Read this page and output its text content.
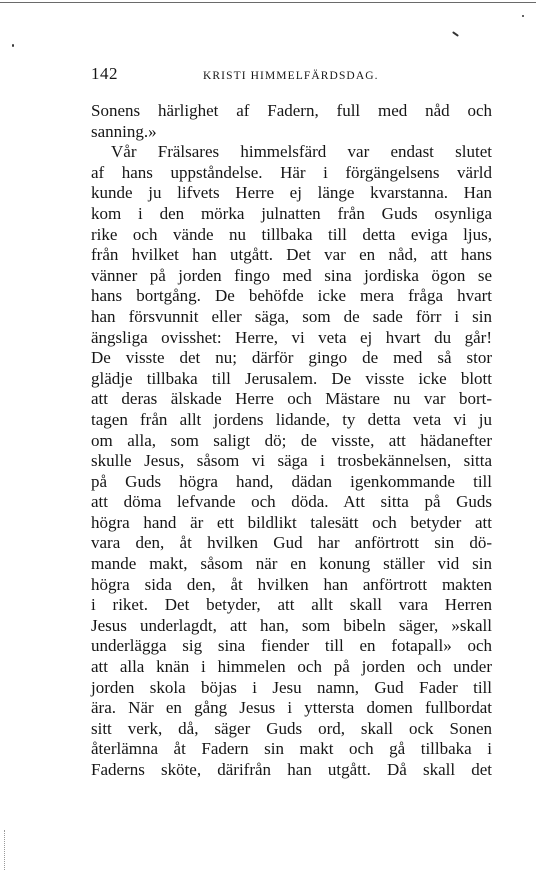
142	KRISTI HIMMELFÄRDSDAG.
Sonens härlighet af Fadern, full med nåd och
sanning.»
Vår Frälsares himmelsfärd var endast slutet
af hans uppståndelse. Här i förgängelsens värld
kunde ju lifvets Herre ej länge kvarstanna. Han
kom i den mörka julnatten från Guds osynliga
rike och vände nu tillbaka till detta eviga ljus,
från hvilket han utgått. Det var en nåd, att hans
vänner på jorden fingo med sina jordiska ögon se
hans bortgång. De behöfde icke mera fråga hvart
han försvunnit eller säga, som de sade förr i sin
ängsliga ovisshet: Herre, vi veta ej hvart du går!
De visste det nu; därför gingo de med så stor
glädje tillbaka till Jerusalem. De visste icke blott
att deras älskade Herre och Mästare nu var bort-
tagen från allt jordens lidande, ty detta veta vi ju
om alla, som saligt dö; de visste, att hädanefter
skulle Jesus, såsom vi säga i trosbekännelsen, sitta
på Guds högra hand, dädan igenkommande till
att döma lefvande och döda. Att sitta på Guds
högra hand är ett bildlikt talesätt och betyder att
vara den, åt hvilken Gud har anförtrott sin dö-
mande makt, såsom när en konung ställer vid sin
högra sida den, åt hvilken han anförtrott makten
i riket. Det betyder, att allt skall vara Herren
Jesus underlagdt, att han, som bibeln säger, »skall
underlägga sig sina fiender till en fotapall» och
att alla knän i himmelen och på jorden och under
jorden skola böjas i Jesu namn, Gud Fader till
ära. När en gång Jesus i yttersta domen fullbordat
sitt verk, då, säger Guds ord, skall ock Sonen
återlämna åt Fadern sin makt och gå tillbaka i
Faderns sköte, därifrån han utgått. Då skall det
